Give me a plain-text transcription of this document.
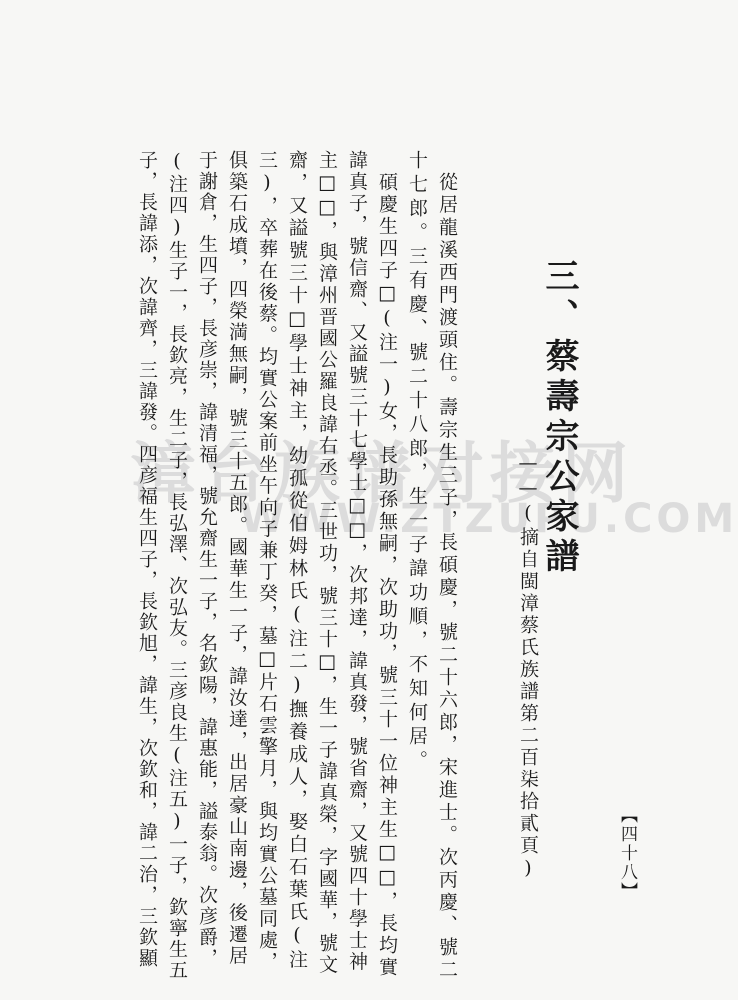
漳台族谱对接网
WWW.ZTZUPU.COM
三、蔡壽宗公家譜
——(摘自閩漳蔡氏族譜第二百柒拾貳頁)	【四十八】
從居龍溪西門渡頭住。壽宗生三子，長碩慶，號二十六郎，宋進士。次丙慶、號二
十七郎。三有慶、號二十八郎，生一子諱功順，不知何居。
碩慶生四子□(注一)女，長助孫無嗣，次助功，號三十一位神主生□□，長均實
諱真子，號信齋、又謚號三十七學士□□，次邦達，諱真發，號省齋，又號四十學士神
主□□，與漳州晋國公羅良諱右丞。三世功，號三十□，生一子諱真榮，字國華，號文
齋，又謚號三十□學士神主，幼孤從伯姆林氏(注二)撫養成人，娶白石葉氏(注
三)，卒葬在後蔡。均實公案前坐午向子兼丁癸，墓□片石雲擎月，與均實公墓同處，
俱築石成墳，四榮満無嗣，號三十五郎。國華生一子，諱汝達，出居豪山南邊，後遷居
于謝倉，生四子，長彦崇，諱清福，號允齋生一子，名欽陽，諱惠能，謚泰翁。次彦爵，
(注四)生子一，長欽亮，生二子，長弘澤、次弘友。三彦良生(注五)一子，欽寧生五
子，長諱添，次諱齊，三諱發。四彦福生四子，長欽旭，諱生，次欽和，諱二治，三欽顯
